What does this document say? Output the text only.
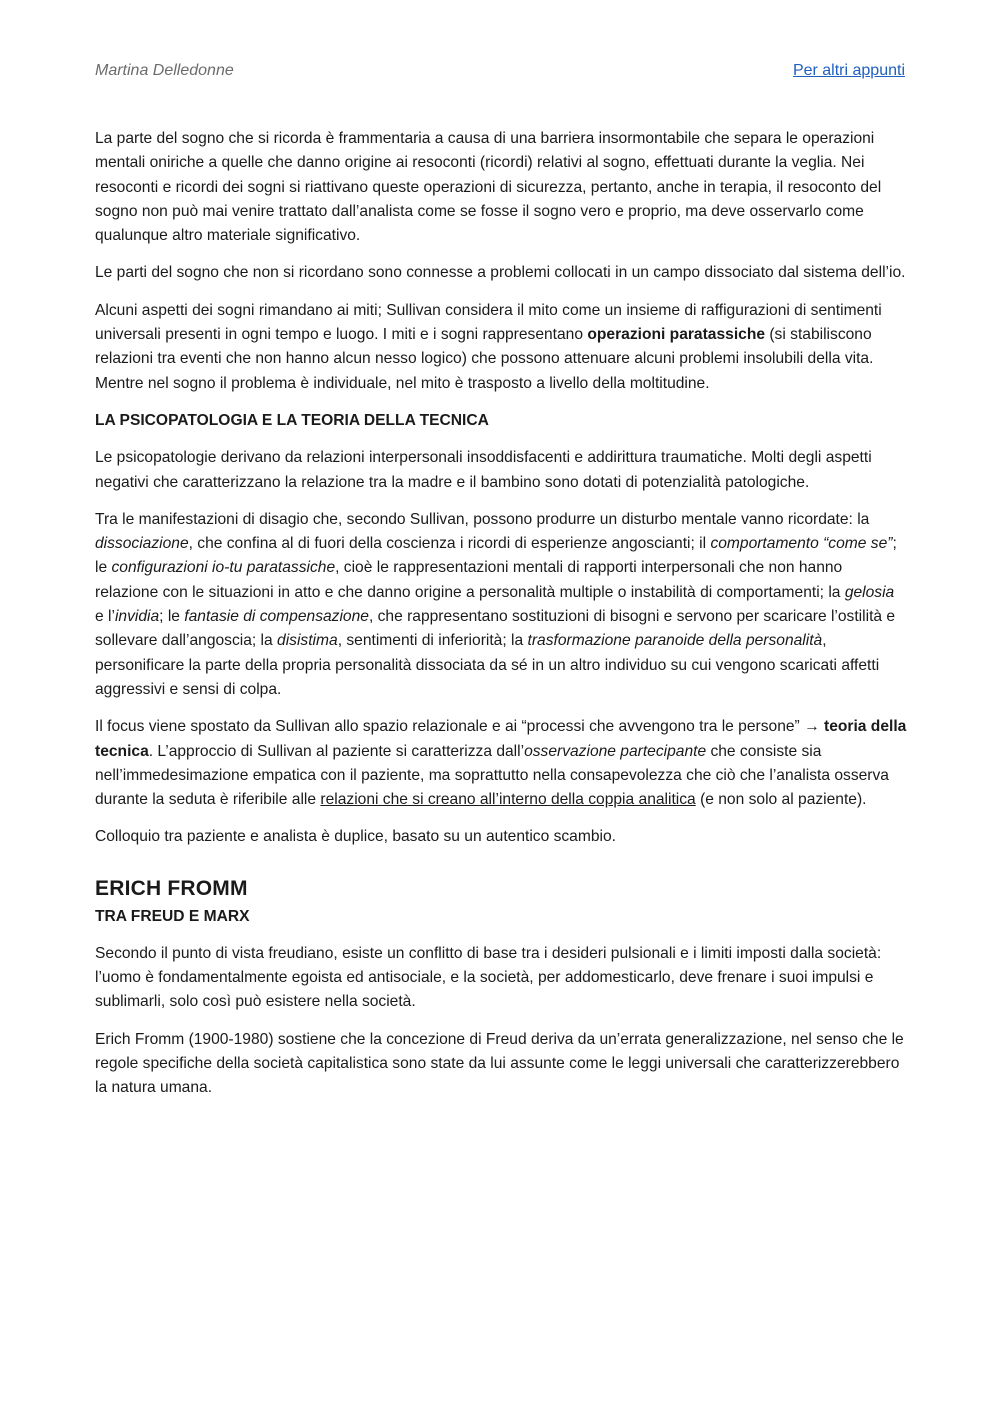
Martina Delledonne	Per altri appunti

La parte del sogno che si ricorda è frammentaria a causa di una barriera insormontabile che separa le operazioni mentali oniriche a quelle che danno origine ai resoconti (ricordi) relativi al sogno, effettuati durante la veglia. Nei resoconti e ricordi dei sogni si riattivano queste operazioni di sicurezza, pertanto, anche in terapia, il resoconto del sogno non può mai venire trattato dall’analista come se fosse il sogno vero e proprio, ma deve osservarlo come qualunque altro materiale significativo.

Le parti del sogno che non si ricordano sono connesse a problemi collocati in un campo dissociato dal sistema dell’io.

Alcuni aspetti dei sogni rimandano ai miti; Sullivan considera il mito come un insieme di raffigurazioni di sentimenti universali presenti in ogni tempo e luogo. I miti e i sogni rappresentano operazioni paratassiche (si stabiliscono relazioni tra eventi che non hanno alcun nesso logico) che possono attenuare alcuni problemi insolubili della vita. Mentre nel sogno il problema è individuale, nel mito è trasposto a livello della moltitudine.

LA PSICOPATOLOGIA E LA TEORIA DELLA TECNICA

Le psicopatologie derivano da relazioni interpersonali insoddisfacenti e addirittura traumatiche. Molti degli aspetti negativi che caratterizzano la relazione tra la madre e il bambino sono dotati di potenzialità patologiche.

Tra le manifestazioni di disagio che, secondo Sullivan, possono produrre un disturbo mentale vanno ricordate: la dissociazione, che confina al di fuori della coscienza i ricordi di esperienze angoscianti; il comportamento “come se”; le configurazioni io-tu paratassiche, cioè le rappresentazioni mentali di rapporti interpersonali che non hanno relazione con le situazioni in atto e che danno origine a personalità multiple o instabilità di comportamenti; la gelosia e l’invidia; le fantasie di compensazione, che rappresentano sostituzioni di bisogni e servono per scaricare l’ostilità e sollevare dall’angoscia; la disistima, sentimenti di inferiorità; la trasformazione paranoide della personalità, personificare la parte della propria personalità dissociata da sé in un altro individuo su cui vengono scaricati affetti aggressivi e sensi di colpa.

Il focus viene spostato da Sullivan allo spazio relazionale e ai “processi che avvengono tra le persone” → teoria della tecnica. L’approccio di Sullivan al paziente si caratterizza dall’osservazione partecipante che consiste sia nell’immedesimazione empatica con il paziente, ma soprattutto nella consapevolezza che ciò che l’analista osserva durante la seduta è riferibile alle relazioni che si creano all’interno della coppia analitica (e non solo al paziente).

Colloquio tra paziente e analista è duplice, basato su un autentico scambio.

ERICH FROMM
TRA FREUD E MARX

Secondo il punto di vista freudiano, esiste un conflitto di base tra i desideri pulsionali e i limiti imposti dalla società: l’uomo è fondamentalmente egoista ed antisociale, e la società, per addomesticarlo, deve frenare i suoi impulsi e sublimarli, solo così può esistere nella società.

Erich Fromm (1900-1980) sostiene che la concezione di Freud deriva da un’errata generalizzazione, nel senso che le regole specifiche della società capitalistica sono state da lui assunte come le leggi universali che caratterizzerebbero la natura umana.
